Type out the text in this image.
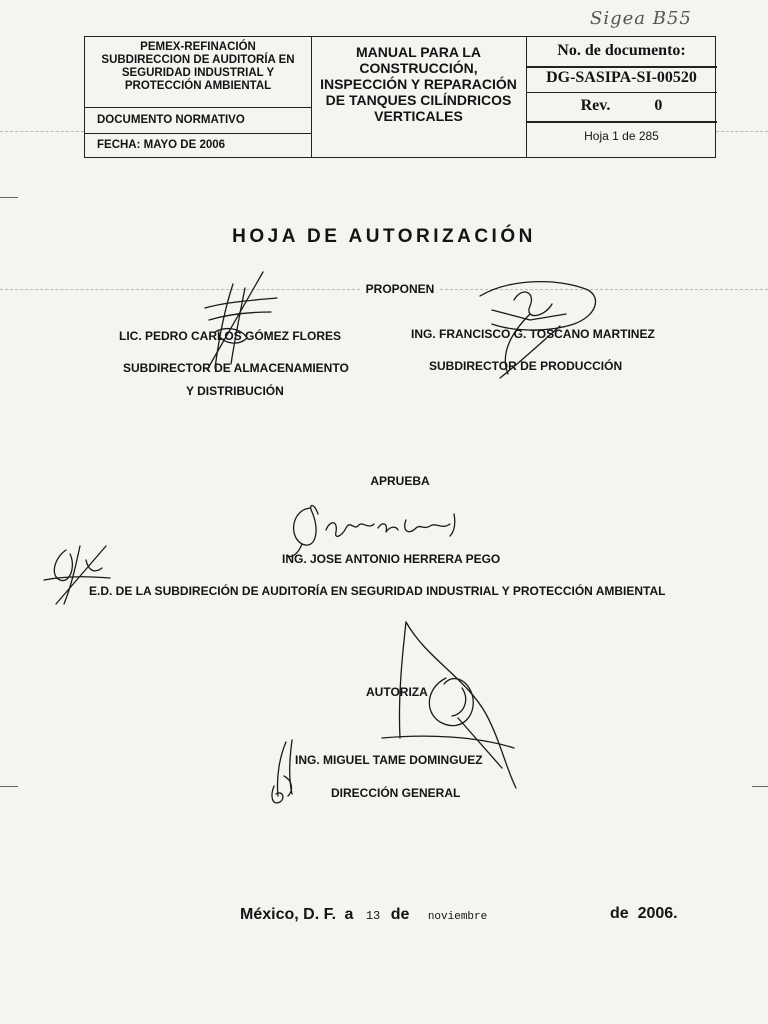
Sigea B55
PEMEX-REFINACIÓN
SUBDIRECCION DE AUDITORÍA EN
SEGURIDAD INDUSTRIAL Y
PROTECCIÓN AMBIENTAL
DOCUMENTO NORMATIVO
FECHA: MAYO DE 2006
MANUAL PARA LA
CONSTRUCCIÓN,
INSPECCIÓN Y REPARACIÓN
DE TANQUES CILÍNDRICOS
VERTICALES
No. de documento:
DG-SASIPA-SI-00520
Rev.	0
Hoja 1 de 285
HOJA DE AUTORIZACIÓN
PROPONEN
LIC. PEDRO CARLOS GÓMEZ FLORES
SUBDIRECTOR DE ALMACENAMIENTO
Y DISTRIBUCIÓN
ING. FRANCISCO G. TOSCANO MARTINEZ
SUBDIRECTOR DE PRODUCCIÓN
APRUEBA
ING. JOSE ANTONIO HERRERA PEGO
E.D. DE LA SUBDIRECIÓN DE AUDITORÍA EN SEGURIDAD INDUSTRIAL Y PROTECCIÓN AMBIENTAL
AUTORIZA
ING. MIGUEL TAME DOMINGUEZ
DIRECCIÓN GENERAL
México, D. F. a 13 de noviembre	de  2006.
